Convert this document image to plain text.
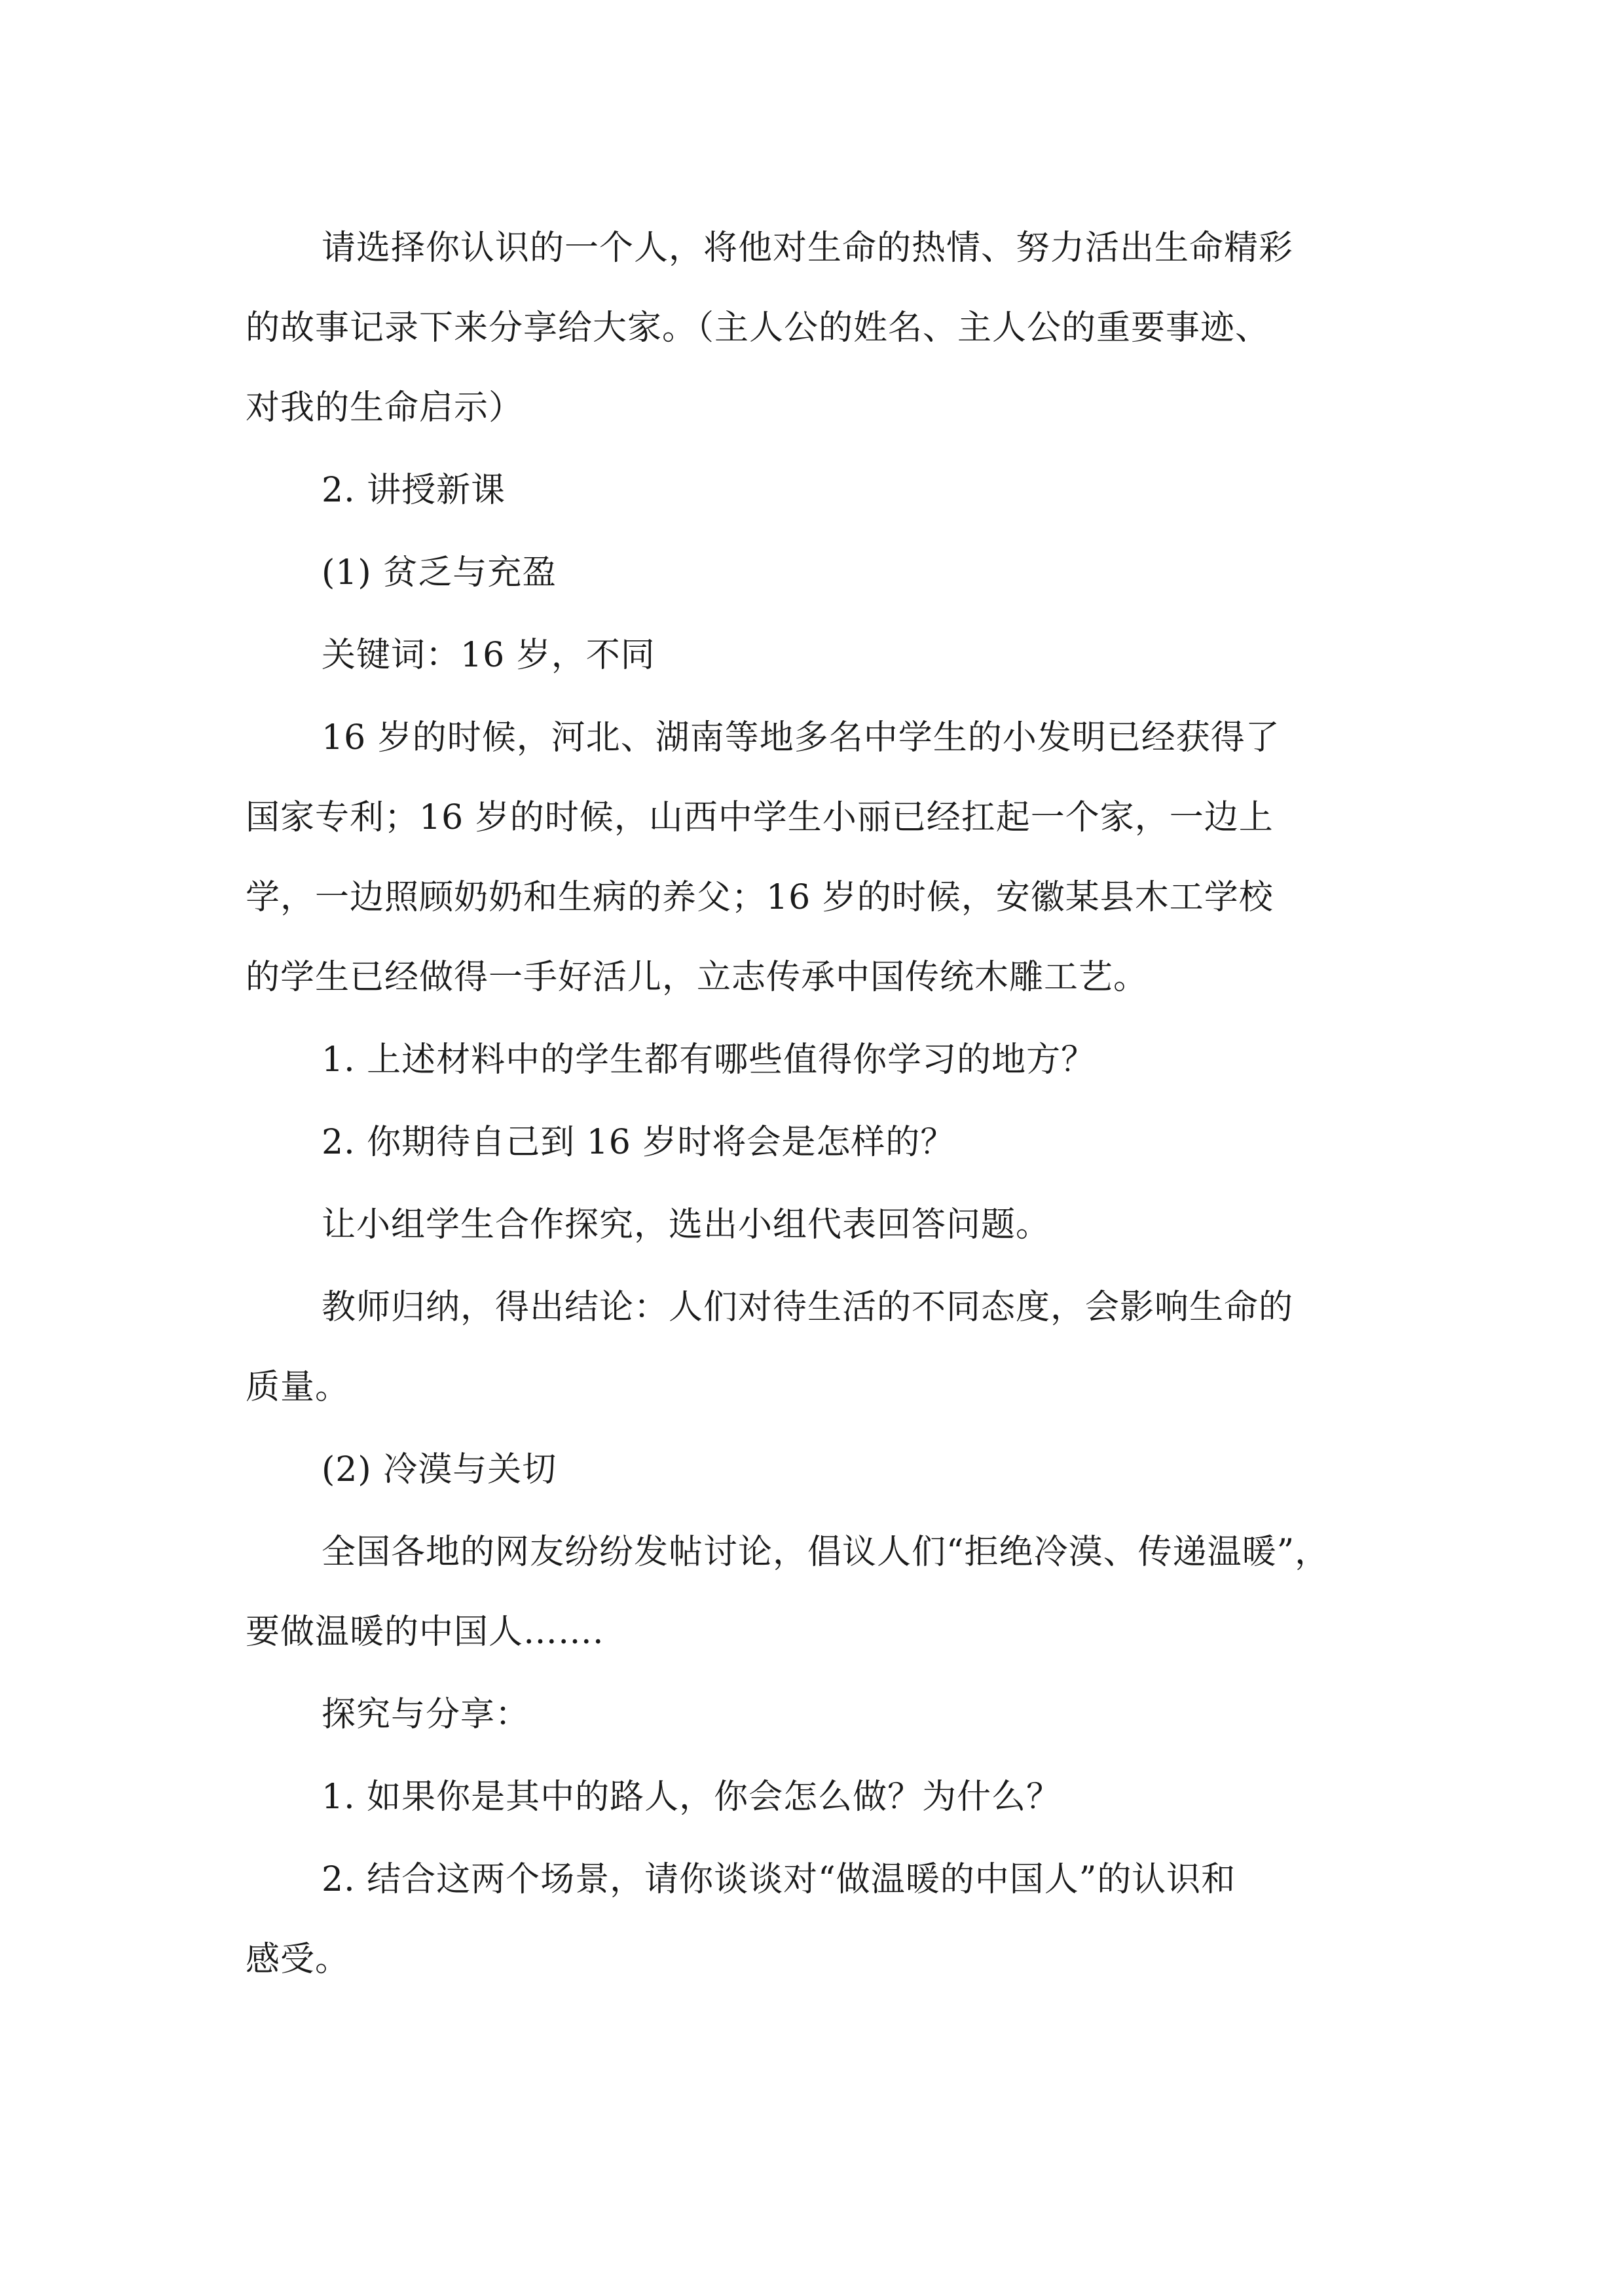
请选择你认识的一个人，将他对生命的热情、努力活出生命精彩
的故事记录下来分享给大家。（主人公的姓名、主人公的重要事迹、
对我的生命启示）
2. 讲授新课
(1) 贫乏与充盈
关键词：16 岁，不同
16 岁的时候，河北、湖南等地多名中学生的小发明已经获得了
国家专利；16 岁的时候，山西中学生小丽已经扛起一个家，一边上
学，一边照顾奶奶和生病的养父；16 岁的时候，安徽某县木工学校
的学生已经做得一手好活儿，立志传承中国传统木雕工艺。
1. 上述材料中的学生都有哪些值得你学习的地方？
2. 你期待自己到 16 岁时将会是怎样的？
让小组学生合作探究，选出小组代表回答问题。
教师归纳，得出结论：人们对待生活的不同态度，会影响生命的
质量。
(2) 冷漠与关切
全国各地的网友纷纷发帖讨论，倡议人们“拒绝冷漠、传递温暖”，
要做温暖的中国人…….
探究与分享：
1. 如果你是其中的路人，你会怎么做？为什么？
2. 结合这两个场景，请你谈谈对“做温暖的中国人”的认识和
感受。
